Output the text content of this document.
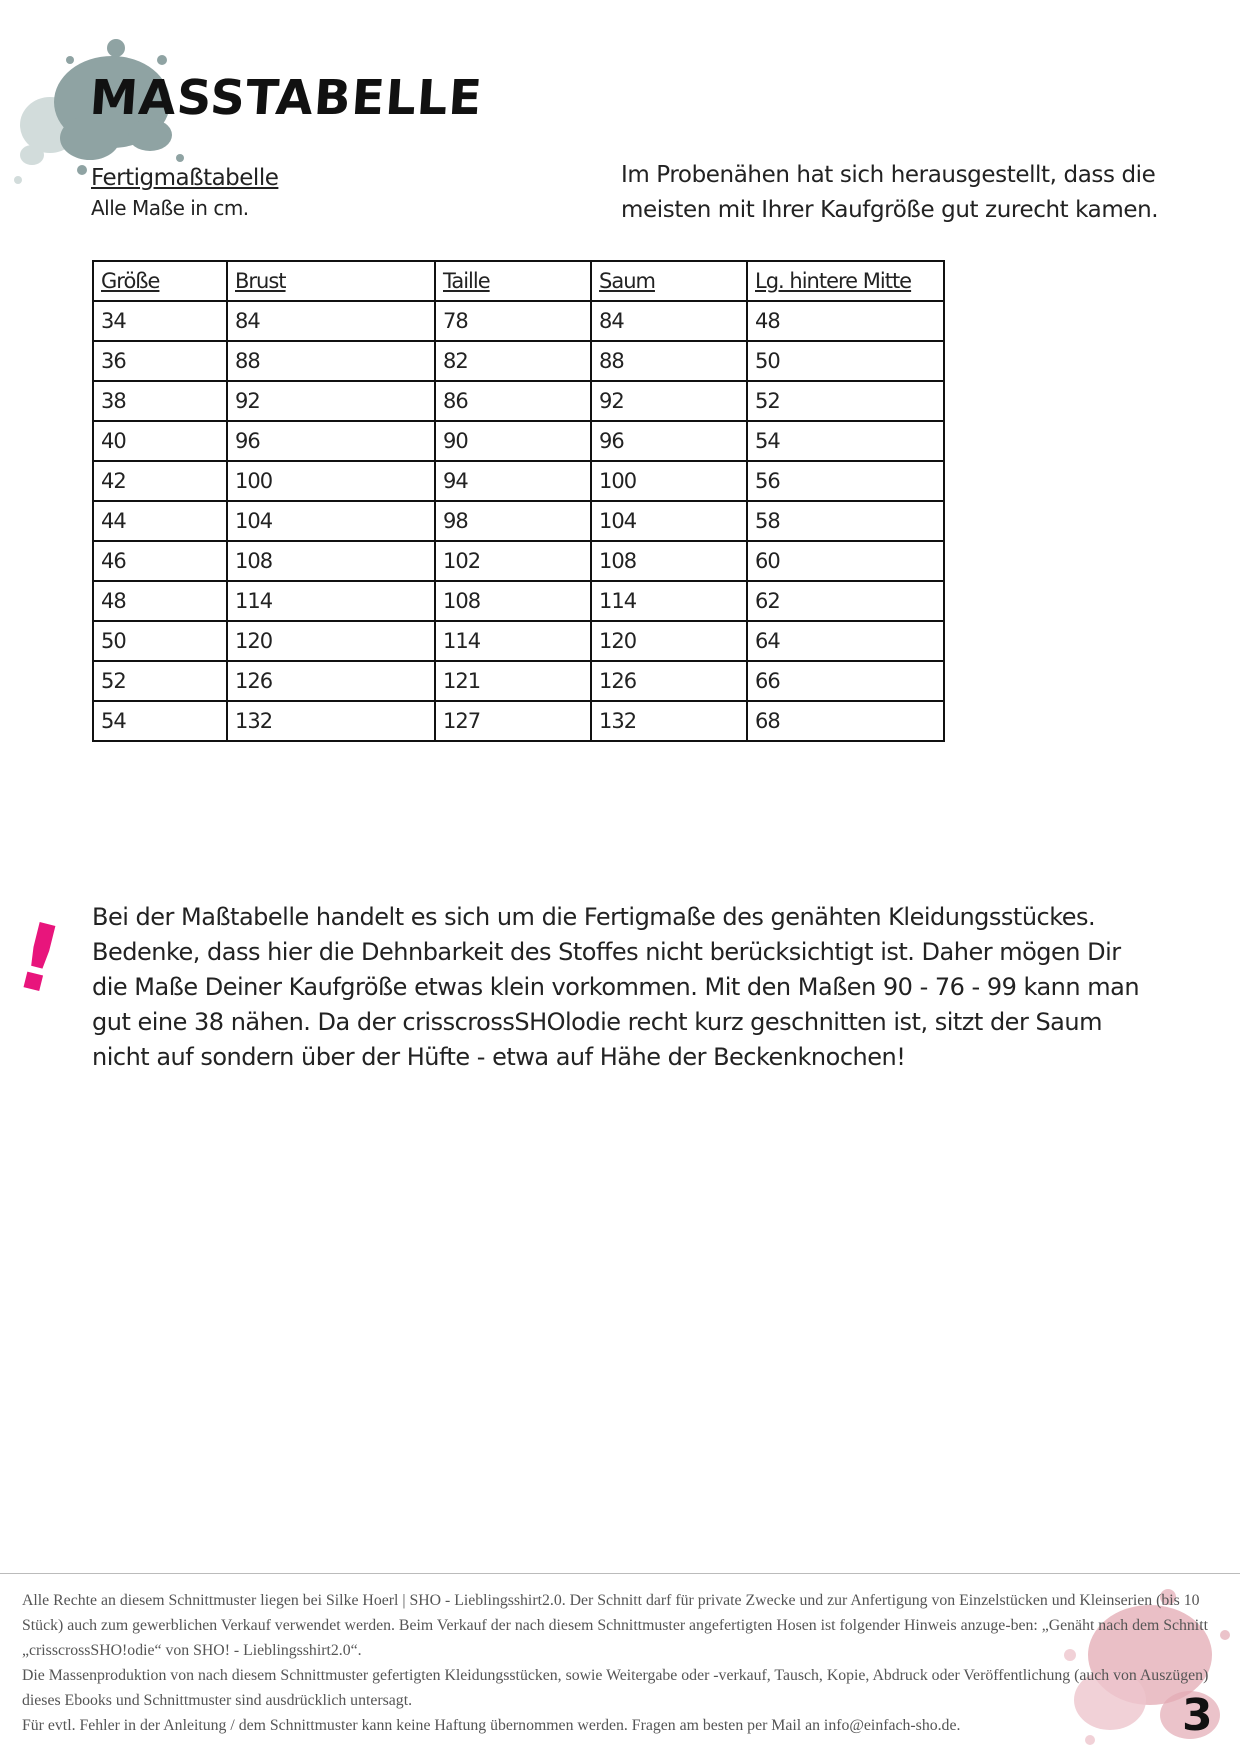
MASSTABELLE
Fertigmaßtabelle
Alle Maße in cm.
Im Probenähen hat sich herausgestellt, dass die meisten mit Ihrer Kaufgröße gut zurecht kamen.
Größe	Brust	Taille	Saum	Lg. hintere Mitte
34	84	78	84	48
36	88	82	88	50
38	92	86	92	52
40	96	90	96	54
42	100	94	100	56
44	104	98	104	58
46	108	102	108	60
48	114	108	114	62
50	120	114	120	64
52	126	121	126	66
54	132	127	132	68
! Bei der Maßtabelle handelt es sich um die Fertigmaße des genähten Kleidungsstückes. Bedenke, dass hier die Dehnbarkeit des Stoffes nicht berücksichtigt ist. Daher mögen Dir die Maße Deiner Kaufgröße etwas klein vorkommen. Mit den Maßen 90 - 76 - 99 kann man gut eine 38 nähen. Da der crisscrossSHOlodie recht kurz geschnitten ist, sitzt der Saum nicht auf sondern über der Hüfte - etwa auf Hähe der Beckenknochen!

Alle Rechte an diesem Schnittmuster liegen bei Silke Hoerl | SHO - Lieblingsshirt2.0. Der Schnitt darf für private Zwecke und zur Anfertigung von Einzelstücken und Kleinserien (bis 10 Stück) auch zum gewerblichen Verkauf verwendet werden. Beim Verkauf der nach diesem Schnittmuster angefertigten Hosen ist folgender Hinweis anzuge-ben: „Genäht nach dem Schnitt „crisscrossSHO!odie“ von SHO! - Lieblingsshirt2.0“.

Die Massenproduktion von nach diesem Schnittmuster gefertigten Kleidungsstücken, sowie Weitergabe oder -verkauf, Tausch, Kopie, Abdruck oder Veröffentlichung (auch von Auszügen) dieses Ebooks und Schnittmuster sind ausdrücklich untersagt.

Für evtl. Fehler in der Anleitung / dem Schnittmuster kann keine Haftung übernommen werden. Fragen am besten per Mail an info@einfach-sho.de.	3
